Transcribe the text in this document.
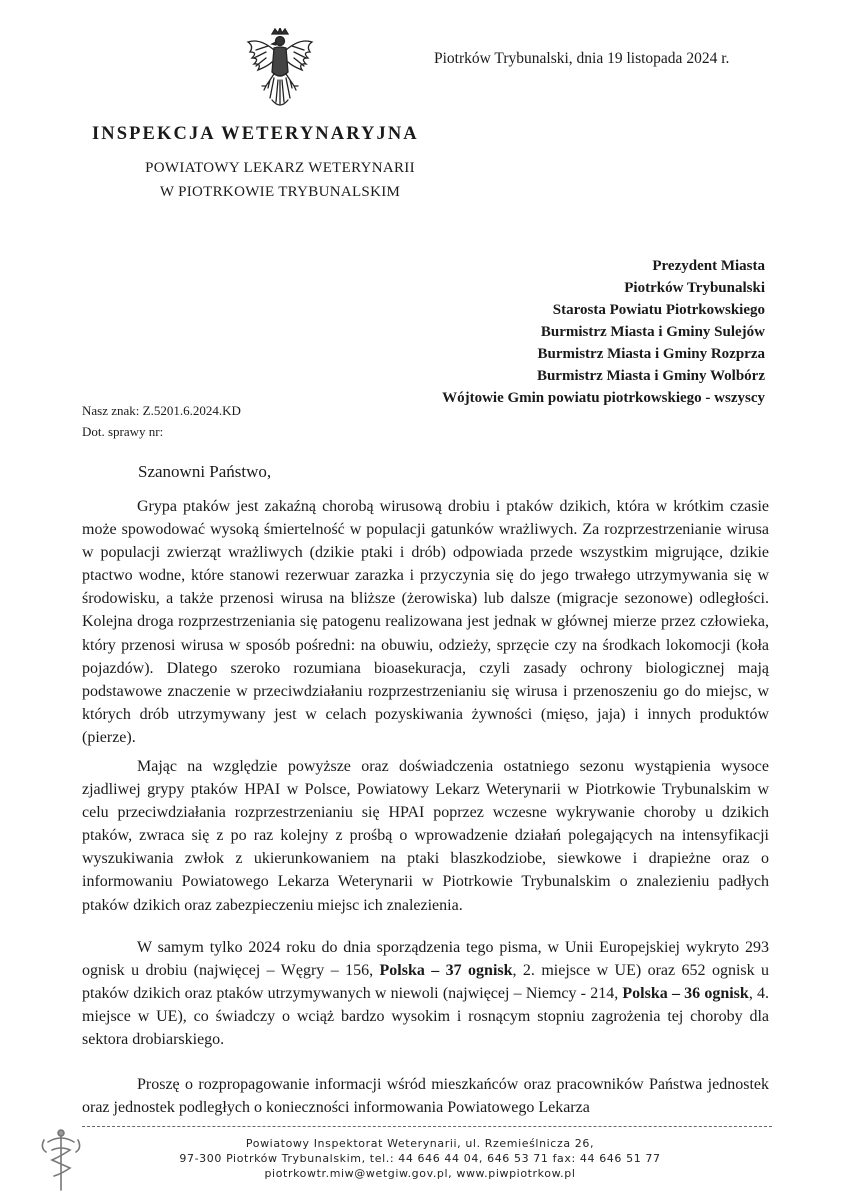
Piotrków Trybunalski, dnia 19 listopada 2024 r.
INSPEKCJA WETERYNARYJNA
POWIATOWY LEKARZ WETERYNARII
W PIOTRKOWIE TRYBUNALSKIM
Prezydent Miasta
Piotrków Trybunalski
Starosta Powiatu Piotrkowskiego
Burmistrz Miasta i Gminy Sulejów
Burmistrz Miasta i Gminy Rozprza
Burmistrz Miasta i Gminy Wolbórz
Wójtowie Gmin powiatu piotrkowskiego - wszyscy
Nasz znak: Z.5201.6.2024.KD
Dot. sprawy nr:
Szanowni Państwo,

Grypa ptaków jest zakaźną chorobą wirusową drobiu i ptaków dzikich, która w krótkim czasie może spowodować wysoką śmiertelność w populacji gatunków wrażliwych. Za rozprzestrzenianie wirusa w populacji zwierząt wrażliwych (dzikie ptaki i drób) odpowiada przede wszystkim migrujące, dzikie ptactwo wodne, które stanowi rezerwuar zarazka i przyczynia się do jego trwałego utrzymywania się w środowisku, a także przenosi wirusa na bliższe (żerowiska) lub dalsze (migracje sezonowe) odległości. Kolejna droga rozprzestrzeniania się patogenu realizowana jest jednak w głównej mierze przez człowieka, który przenosi wirusa w sposób pośredni: na obuwiu, odzieży, sprzęcie czy na środkach lokomocji (koła pojazdów). Dlatego szeroko rozumiana bioasekuracja, czyli zasady ochrony biologicznej mają podstawowe znaczenie w przeciwdziałaniu rozprzestrzenianiu się wirusa i przenoszeniu go do miejsc, w których drób utrzymywany jest w celach pozyskiwania żywności (mięso, jaja) i innych produktów (pierze).

Mając na względzie powyższe oraz doświadczenia ostatniego sezonu wystąpienia wysoce zjadliwej grypy ptaków HPAI w Polsce, Powiatowy Lekarz Weterynarii w Piotrkowie Trybunalskim w celu przeciwdziałania rozprzestrzenianiu się HPAI poprzez wczesne wykrywanie choroby u dzikich ptaków, zwraca się z po raz kolejny z prośbą o wprowadzenie działań polegających na intensyfikacji wyszukiwania zwłok z ukierunkowaniem na ptaki blaszkodziobe, siewkowe i drapieżne oraz o informowaniu Powiatowego Lekarza Weterynarii w Piotrkowie Trybunalskim o znalezieniu padłych ptaków dzikich oraz zabezpieczeniu miejsc ich znalezienia.

W samym tylko 2024 roku do dnia sporządzenia tego pisma, w Unii Europejskiej wykryto 293 ognisk u drobiu (najwięcej – Węgry – 156, Polska – 37 ognisk, 2. miejsce w UE) oraz 652 ognisk u ptaków dzikich oraz ptaków utrzymywanych w niewoli (najwięcej – Niemcy - 214, Polska – 36 ognisk, 4. miejsce w UE), co świadczy o wciąż bardzo wysokim i rosnącym stopniu zagrożenia tej choroby dla sektora drobiarskiego.

Proszę o rozpropagowanie informacji wśród mieszkańców oraz pracowników Państwa jednostek oraz jednostek podległych o konieczności informowania Powiatowego Lekarza

Powiatowy Inspektorat Weterynarii, ul. Rzemieślnicza 26,
97-300 Piotrków Trybunalskim, tel.: 44 646 44 04, 646 53 71 fax: 44 646 51 77
piotrkowtr.miw@wetgiw.gov.pl, www.piwpiotrkow.pl
